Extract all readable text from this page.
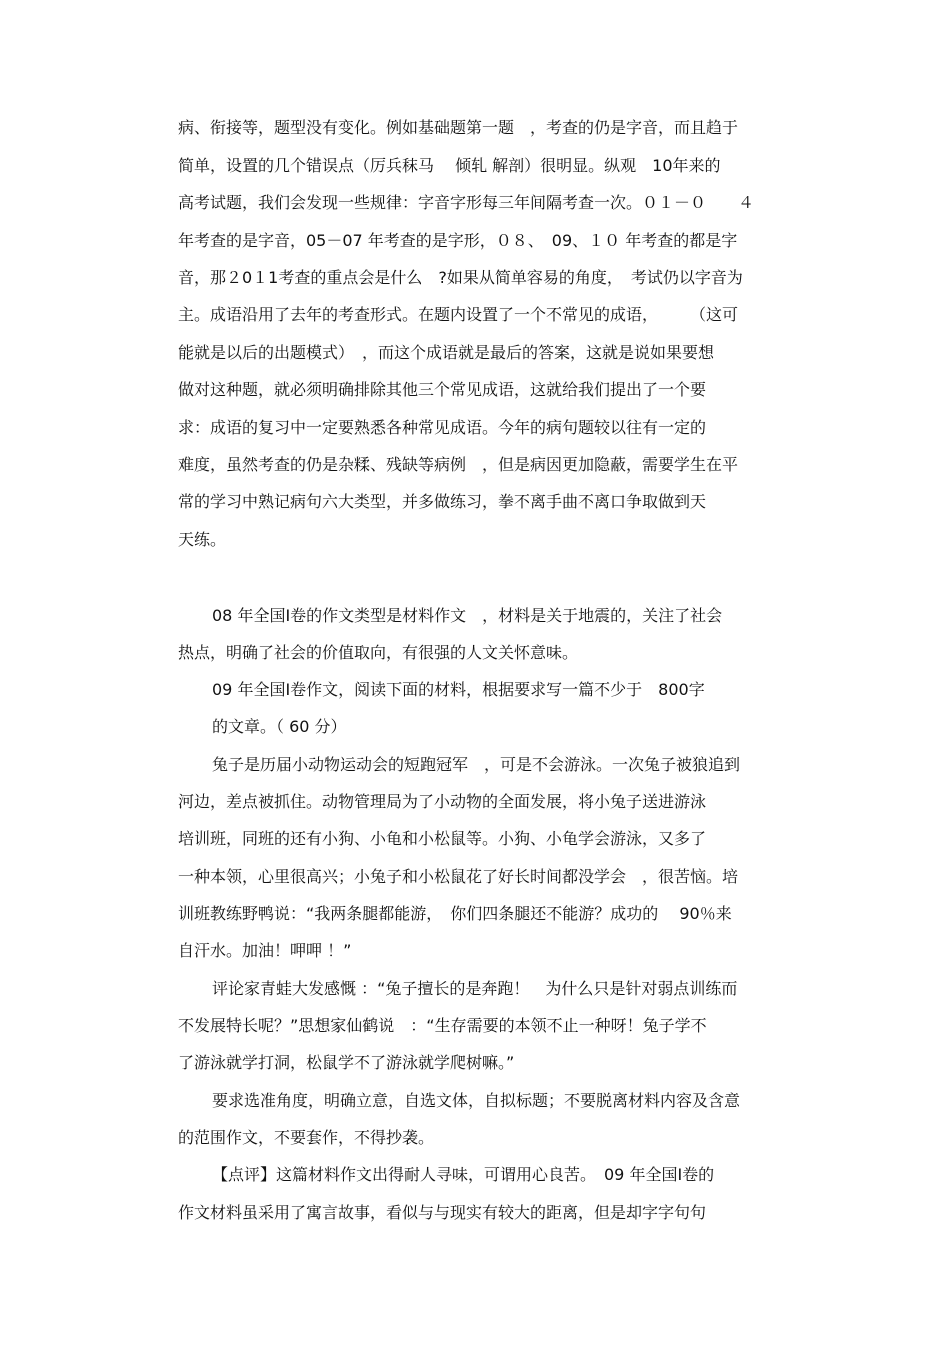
病、衔接等，题型没有变化。例如基础题第一题　，考查的仍是字音，而且趋于
简单，设置的几个错误点（厉兵秣马　 倾轧 解剖）很明显。纵观　10年来的
高考试题，我们会发现一些规律：字音字形每三年间隔考查一次。０１－０　　４
年考查的是字音，05－07 年考查的是字形，０８、　09、１０ 年考查的都是字
音，那２0１1考查的重点会是什么　?如果从简单容易的角度，　考试仍以字音为
主。成语沿用了去年的考查形式。在题内设置了一个不常见的成语，　　　（这可
能就是以后的出题模式）　，而这个成语就是最后的答案，这就是说如果要想
做对这种题，就必须明确排除其他三个常见成语，这就给我们提出了一个要
求：成语的复习中一定要熟悉各种常见成语。今年的病句题较以往有一定的
难度，虽然考查的仍是杂糅、残缺等病例　，但是病因更加隐蔽，需要学生在平
常的学习中熟记病句六大类型，并多做练习，拳不离手曲不离口争取做到天
天练。
08 年全国Ⅰ卷的作文类型是材料作文　，材料是关于地震的，关注了社会
热点，明确了社会的价值取向，有很强的人文关怀意味。
09 年全国Ⅰ卷作文，阅读下面的材料，根据要求写一篇不少于　800字
的文章。（ 60 分）
兔子是历届小动物运动会的短跑冠军　，可是不会游泳。一次兔子被狼追到
河边，差点被抓住。动物管理局为了小动物的全面发展，将小兔子送进游泳
培训班，同班的还有小狗、小龟和小松鼠等。小狗、小龟学会游泳，又多了
一种本领，心里很高兴；小兔子和小松鼠花了好长时间都没学会　，很苦恼。培
训班教练野鸭说：“我两条腿都能游，　你们四条腿还不能游？成功的　 90％来
自汗水。加油！呷呷 ！”
评论家青蛙大发感慨 ：“兔子擅长的是奔跑！　为什么只是针对弱点训练而
不发展特长呢？”思想家仙鹤说　：“生存需要的本领不止一种呀！兔子学不
了游泳就学打洞，松鼠学不了游泳就学爬树嘛。”
要求选准角度，明确立意，自选文体，自拟标题；不要脱离材料内容及含意
的范围作文，不要套作，不得抄袭。
【点评】这篇材料作文出得耐人寻味，可谓用心良苦。　09 年全国Ⅰ卷的
作文材料虽采用了寓言故事，看似与与现实有较大的距离，但是却字字句句
